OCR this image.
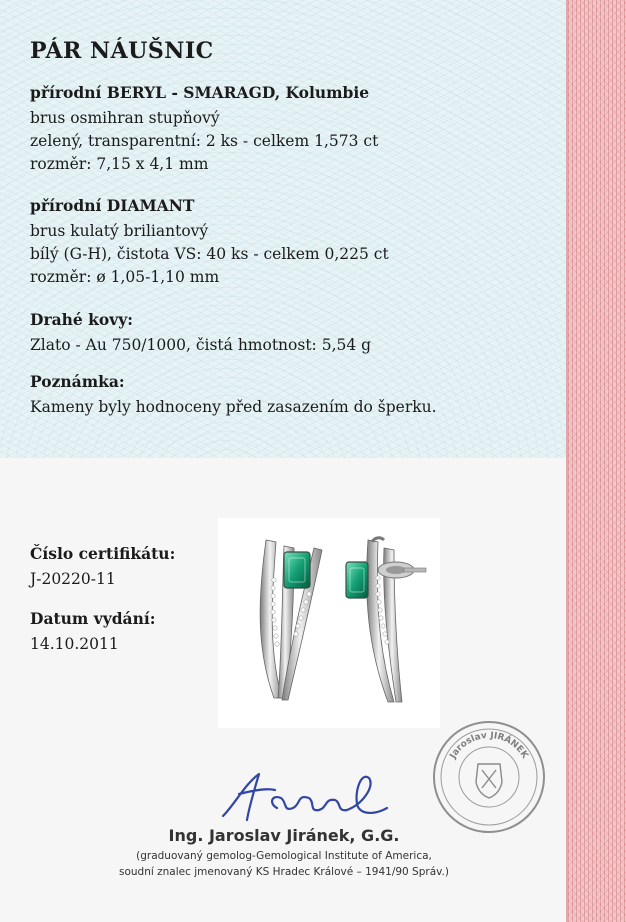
PÁR NÁUŠNIC
přírodní BERYL - SMARAGD, Kolumbie

brus osmihran stupňový

zelený, transparentní: 2 ks - celkem 1,573 ct

rozměr: 7,15 x 4,1 mm

přírodní DIAMANT

brus kulatý briliantový

bílý (G-H), čistota VS: 40 ks - celkem 0,225 ct

rozměr: ø 1,05-1,10 mm

Drahé kovy:

Zlato - Au 750/1000, čistá hmotnost: 5,54 g

Poznámka:

Kameny byly hodnoceny před zasazením do šperku.

Číslo certifikátu:

J-20220-11

Datum vydání:

14.10.2011

Jaroslav JIRÁNEK
Ing. Jaroslav Jiránek, G.G.
(graduovaný gemolog-Gemological Institute of America,
soudní znalec jmenovaný KS Hradec Králové – 1941/90 Správ.)
